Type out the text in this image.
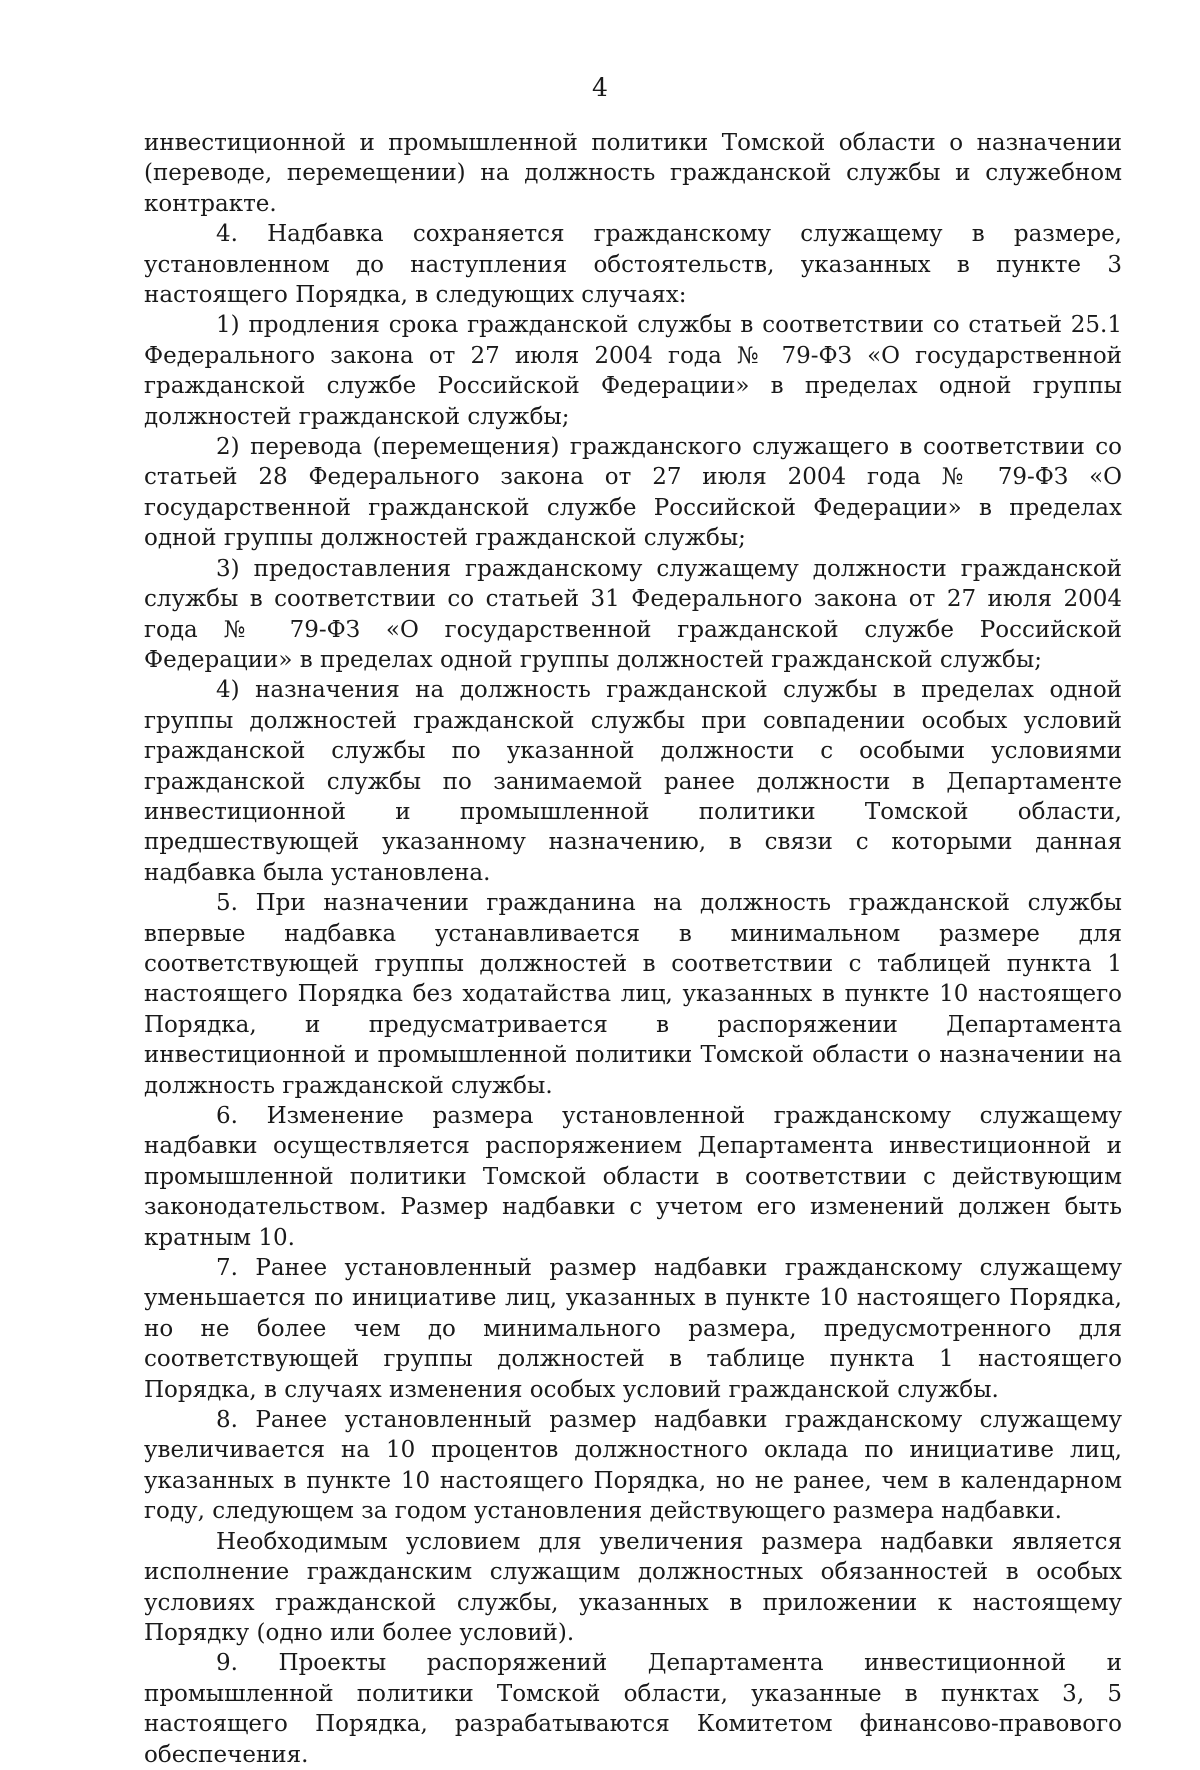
4

инвестиционной и промышленной политики Томской области о назначении (переводе, перемещении) на должность гражданской службы и служебном контракте.

4. Надбавка сохраняется гражданскому служащему в размере, установленном до наступления обстоятельств, указанных в пункте 3 настоящего Порядка, в следующих случаях:

1) продления срока гражданской службы в соответствии со статьей 25.1 Федерального закона от 27 июля 2004 года № 79-ФЗ «О государственной гражданской службе Российской Федерации» в пределах одной группы должностей гражданской службы;

2) перевода (перемещения) гражданского служащего в соответствии со статьей 28 Федерального закона от 27 июля 2004 года № 79-ФЗ «О государственной гражданской службе Российской Федерации» в пределах одной группы должностей гражданской службы;

3) предоставления гражданскому служащему должности гражданской службы в соответствии со статьей 31 Федерального закона от 27 июля 2004 года № 79-ФЗ «О государственной гражданской службе Российской Федерации» в пределах одной группы должностей гражданской службы;

4) назначения на должность гражданской службы в пределах одной группы должностей гражданской службы при совпадении особых условий гражданской службы по указанной должности с особыми условиями гражданской службы по занимаемой ранее должности в Департаменте инвестиционной и промышленной политики Томской области, предшествующей указанному назначению, в связи с которыми данная надбавка была установлена.

5. При назначении гражданина на должность гражданской службы впервые надбавка устанавливается в минимальном размере для соответствующей группы должностей в соответствии с таблицей пункта 1 настоящего Порядка без ходатайства лиц, указанных в пункте 10 настоящего Порядка, и предусматривается в распоряжении Департамента инвестиционной и промышленной политики Томской области о назначении на должность гражданской службы.

6. Изменение размера установленной гражданскому служащему надбавки осуществляется распоряжением Департамента инвестиционной и промышленной политики Томской области в соответствии с действующим законодательством. Размер надбавки с учетом его изменений должен быть кратным 10.

7. Ранее установленный размер надбавки гражданскому служащему уменьшается по инициативе лиц, указанных в пункте 10 настоящего Порядка, но не более чем до минимального размера, предусмотренного для соответствующей группы должностей в таблице пункта 1 настоящего Порядка, в случаях изменения особых условий гражданской службы.

8. Ранее установленный размер надбавки гражданскому служащему увеличивается на 10 процентов должностного оклада по инициативе лиц, указанных в пункте 10 настоящего Порядка, но не ранее, чем в календарном году, следующем за годом установления действующего размера надбавки.

Необходимым условием для увеличения размера надбавки является исполнение гражданским служащим должностных обязанностей в особых условиях гражданской службы, указанных в приложении к настоящему Порядку (одно или более условий).

9. Проекты распоряжений Департамента инвестиционной и промышленной политики Томской области, указанные в пунктах 3, 5 настоящего Порядка, разрабатываются Комитетом финансово-правового обеспечения.
